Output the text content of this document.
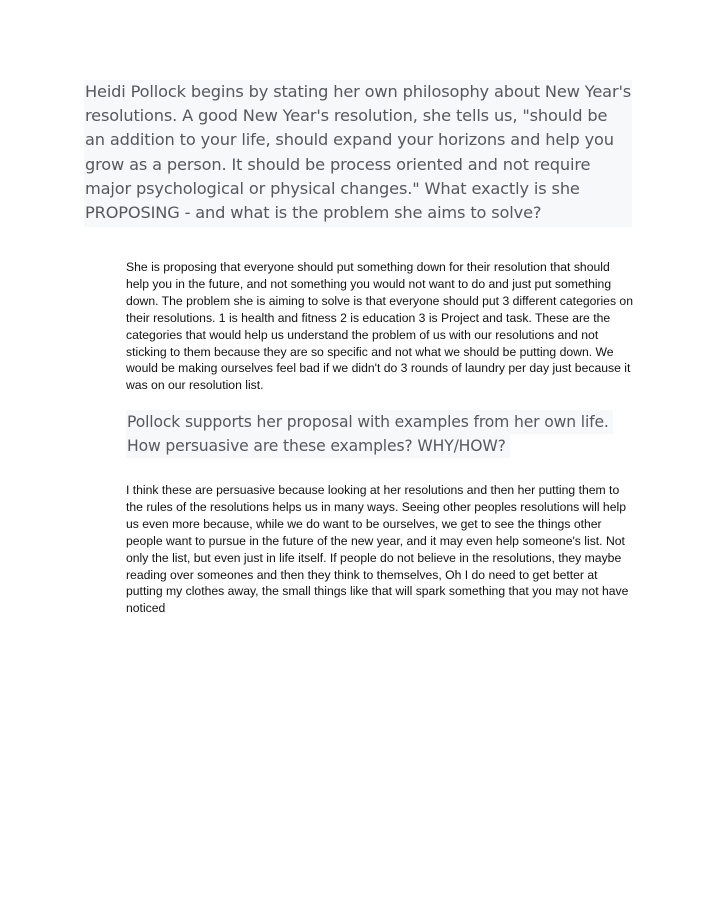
Heidi Pollock begins by stating her own philosophy about New Year's resolutions. A good New Year's resolution, she tells us, "should be an addition to your life, should expand your horizons and help you grow as a person. It should be process oriented and not require major psychological or physical changes." What exactly is she PROPOSING - and what is the problem she aims to solve?

She is proposing that everyone should put something down for their resolution that should help you in the future, and not something you would not want to do and just put something down. The problem she is aiming to solve is that everyone should put 3 different categories on their resolutions. 1 is health and fitness 2 is education 3 is Project and task. These are the categories that would help us understand the problem of us with our resolutions and not sticking to them because they are so specific and not what we should be putting down. We would be making ourselves feel bad if we didn't do 3 rounds of laundry per day just because it was on our resolution list.

Pollock supports her proposal with examples from her own life.
How persuasive are these examples? WHY/HOW?

I think these are persuasive because looking at her resolutions and then her putting them to the rules of the resolutions helps us in many ways. Seeing other peoples resolutions will help us even more because, while we do want to be ourselves, we get to see the things other people want to pursue in the future of the new year, and it may even help someone's list. Not only the list, but even just in life itself. If people do not believe in the resolutions, they maybe reading over someones and then they think to themselves, Oh I do need to get better at putting my clothes away, the small things like that will spark something that you may not have noticed
